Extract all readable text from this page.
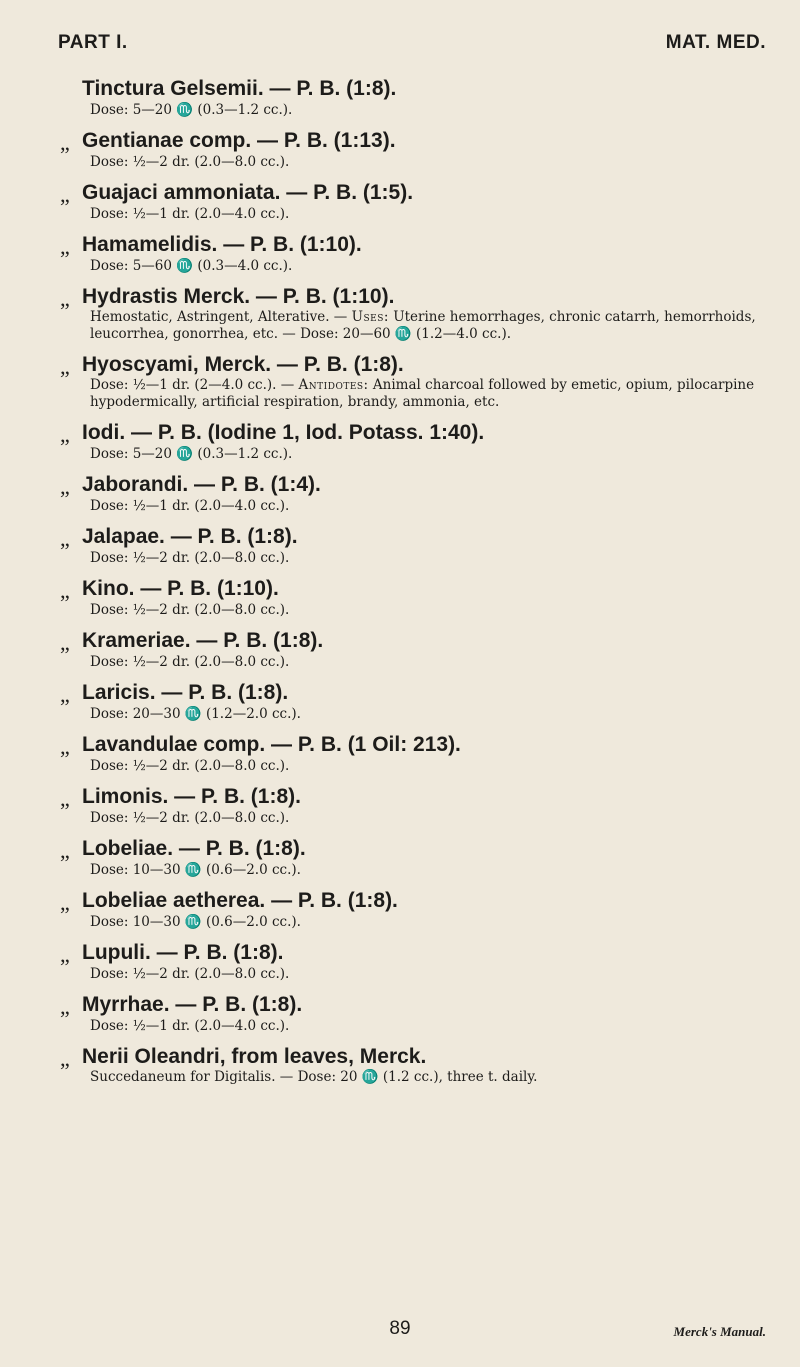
PART I.	MAT. MED.
Tinctura Gelsemii. — P. B. (1:8).
Dose: 5—20 ♏ (0.3—1.2 cc.).
„ Gentianae comp. — P. B. (1:13).
Dose: ½—2 dr. (2.0—8.0 cc.).
„ Guajaci ammoniata. — P. B. (1:5).
Dose: ½—1 dr. (2.0—4.0 cc.).
„ Hamamelidis. — P. B. (1:10).
Dose: 5—60 ♏ (0.3—4.0 cc.).
„ Hydrastis Merck. — P. B. (1:10).
Hemostatic, Astringent, Alterative. — Uses: Uterine hemorrhages, chronic catarrh, hemorrhoids, leucorrhea, gonorrhea, etc. — Dose: 20—60 ♏ (1.2—4.0 cc.).
„ Hyoscyami, Merck. — P. B. (1:8).
Dose: ½—1 dr. (2—4.0 cc.). — Antidotes: Animal charcoal followed by emetic, opium, pilocarpine hypodermically, artificial respiration, brandy, ammonia, etc.
„ Iodi. — P. B. (Iodine 1, Iod. Potass. 1:40).
Dose: 5—20 ♏ (0.3—1.2 cc.).
„ Jaborandi. — P. B. (1:4).
Dose: ½—1 dr. (2.0—4.0 cc.).
„ Jalapae. — P. B. (1:8).
Dose: ½—2 dr. (2.0—8.0 cc.).
„ Kino. — P. B. (1:10).
Dose: ½—2 dr. (2.0—8.0 cc.).
„ Krameriae. — P. B. (1:8).
Dose: ½—2 dr. (2.0—8.0 cc.).
„ Laricis. — P. B. (1:8).
Dose: 20—30 ♏ (1.2—2.0 cc.).
„ Lavandulae comp. — P. B. (1 Oil: 213).
Dose: ½—2 dr. (2.0—8.0 cc.).
„ Limonis. — P. B. (1:8).
Dose: ½—2 dr. (2.0—8.0 cc.).
„ Lobeliae. — P. B. (1:8).
Dose: 10—30 ♏ (0.6—2.0 cc.).
„ Lobeliae aetherea. — P. B. (1:8).
Dose: 10—30 ♏ (0.6—2.0 cc.).
„ Lupuli. — P. B. (1:8).
Dose: ½—2 dr. (2.0—8.0 cc.).
„ Myrrhae. — P. B. (1:8).
Dose: ½—1 dr. (2.0—4.0 cc.).
„ Nerii Oleandri, from leaves, Merck.
Succedaneum for Digitalis. — Dose: 20 ♏ (1.2 cc.), three t. daily.
89	Merck's Manual.
